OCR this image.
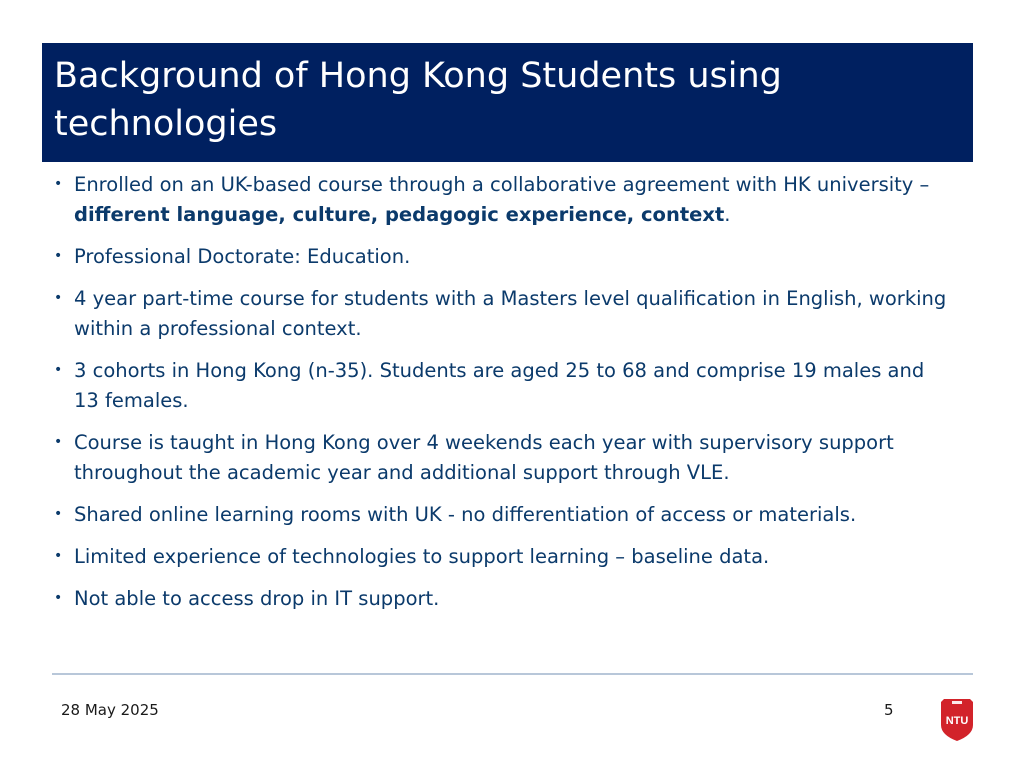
Background of Hong Kong Students using technologies
• Enrolled on an UK-based course through a collaborative agreement with HK university – different language, culture, pedagogic experience, context.
• Professional Doctorate: Education.
• 4 year part-time course for students with a Masters level qualification in English, working within a professional context.
• 3 cohorts in Hong Kong (n-35). Students are aged 25 to 68 and comprise 19 males and 13 females.
• Course is taught in Hong Kong over 4 weekends each year with supervisory support throughout the academic year and additional support through VLE.
• Shared online learning rooms with UK - no differentiation of access or materials.
• Limited experience of technologies to support learning – baseline data.
• Not able to access drop in IT support.
28 May 2025	5
NTU
